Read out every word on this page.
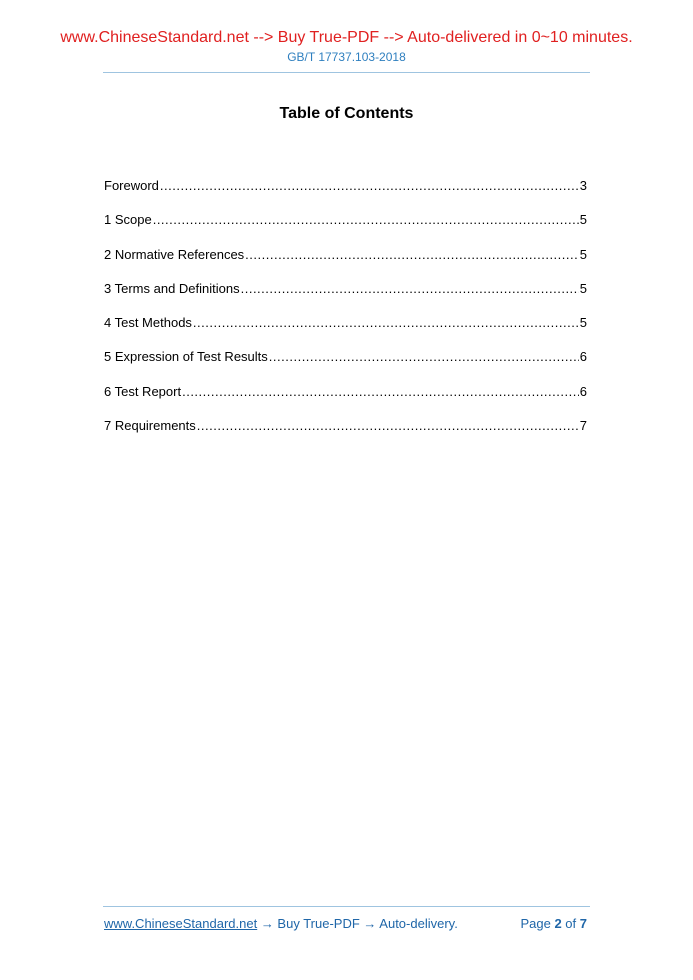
www.ChineseStandard.net --> Buy True-PDF --> Auto-delivered in 0~10 minutes.
GB/T 17737.103-2018
Table of Contents
Foreword .....	3
1 Scope .....	5
2 Normative References .....	5
3 Terms and Definitions .....	5
4 Test Methods .....	5
5 Expression of Test Results .....	6
6 Test Report .....	6
7 Requirements .....	7
www.ChineseStandard.net → Buy True-PDF → Auto-delivery.	Page 2 of 7
